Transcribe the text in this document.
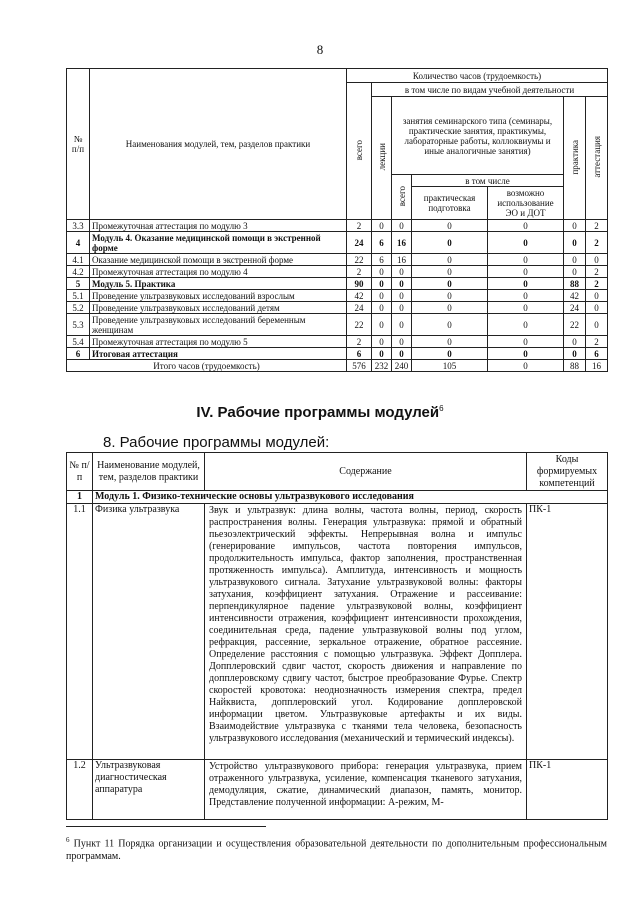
8
№ п/п	Наименования модулей, тем, разделов практики	Количество часов (трудоемкость)						
		всего	в том числе по видам учебной деятельности					
			лекции	занятия семинарского типа (семинары, практические занятия, практикумы, лабораторные работы, коллоквиумы и иные аналогичные занятия)			практика	аттестация
				всего	в том числе			
					практическая подготовка	возможно использование ЭО и ДОТ		
3.3	Промежуточная аттестация по модулю 3	2	0	0	0	0	0	2
4	Модуль 4. Оказание медицинской помощи в экстренной форме	24	6	16	0	0	0	2
4.1	Оказание медицинской помощи в экстренной форме	22	6	16	0	0	0	0
4.2	Промежуточная аттестация по модулю 4	2	0	0	0	0	0	2
5	Модуль 5. Практика	90	0	0	0	0	88	2
5.1	Проведение ультразвуковых исследований взрослым	42	0	0	0	0	42	0
5.2	Проведение ультразвуковых исследований детям	24	0	0	0	0	24	0
5.3	Проведение ультразвуковых исследований беременным женщинам	22	0	0	0	0	22	0
5.4	Промежуточная аттестация по модулю 5	2	0	0	0	0	0	2
6	Итоговая аттестация	6	0	0	0	0	0	6
Итого часов (трудоемкость)		576	232	240	105	0	88	16
IV. Рабочие программы модулей$^6$
8. Рабочие программы модулей:
№ п/п	Наименование модулей, тем, разделов практики	Содержание	Коды формируемых компетенций
1	Модуль 1. Физико-технические основы ультразвукового исследования		
1.1	Физика ультразвука	Звук и ультразвук: длина волны, частота волны, период, скорость распространения волны. Генерация ультразвука: прямой и обратный пьезоэлектрический эффекты. Непрерывная волна и импульс (генерирование импульсов, частота повторения импульсов, продолжительность импульса, фактор заполнения, пространственная протяженность импульса). Амплитуда, интенсивность и мощность ультразвукового сигнала. Затухание ультразвуковой волны: факторы затухания, коэффициент затухания. Отражение и рассеивание: перпендикулярное падение ультразвуковой волны, коэффициент интенсивности отражения, коэффициент интенсивности прохождения, соединительная среда, падение ультразвуковой волны под углом, рефракция, рассеяние, зеркальное отражение, обратное рассеяние. Определение расстояния с помощью ультразвука. Эффект Допплера. Допплеровский сдвиг частот, скорость движения и направление по допплеровскому сдвигу частот, быстрое преобразование Фурье. Спектр скоростей кровотока: неоднозначность измерения спектра, предел Найквиста, допплеровский угол. Кодирование допплеровской информации цветом. Ультразвуковые артефакты и их виды. Взаимодействие ультразвука с тканями тела человека, безопасность ультразвукового исследования (механический и термический индексы).	ПК-1
1.2	Ультразвуковая диагностическая аппаратура	Устройство ультразвукового прибора: генерация ультразвука, прием отраженного ультразвука, усиление, компенсация тканевого затухания, демодуляция, сжатие, динамический диапазон, память, монитор. Представление полученной информации: А-режим, М-	ПК-1
$^6$ Пункт 11 Порядка организации и осуществления образовательной деятельности по дополнительным профессиональным программам.
